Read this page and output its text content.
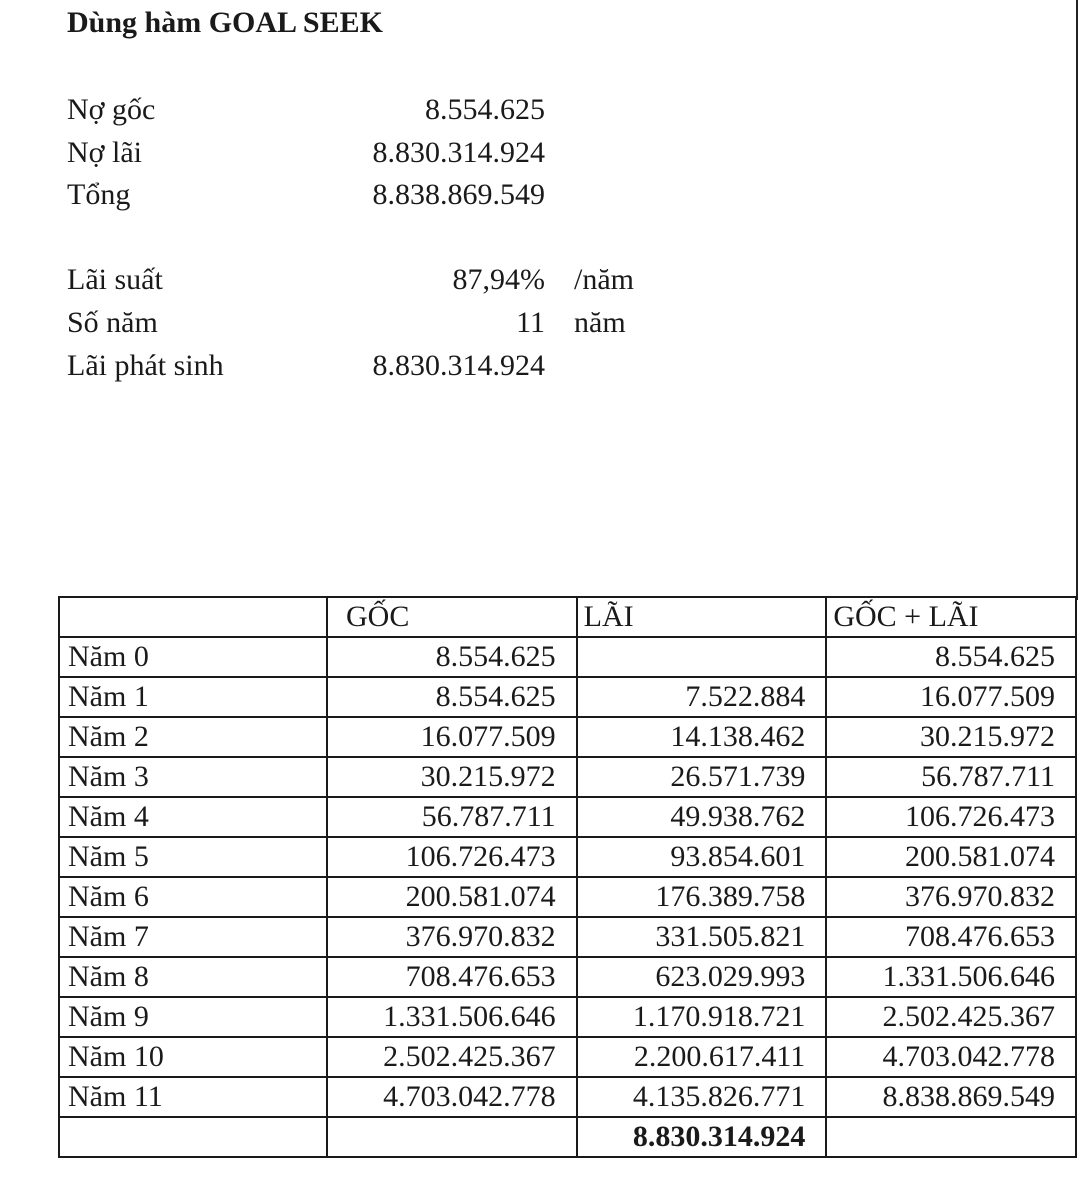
Dùng hàm GOAL SEEK
Nợ gốc	8.554.625
Nợ lãi	8.830.314.924
Tổng	8.838.869.549
Lãi suất	87,94% /năm
Số năm	11 năm
Lãi phát sinh	8.830.314.924
	GỐC	LÃI	GỐC + LÃI
Năm 0	8.554.625		8.554.625
Năm 1	8.554.625	7.522.884	16.077.509
Năm 2	16.077.509	14.138.462	30.215.972
Năm 3	30.215.972	26.571.739	56.787.711
Năm 4	56.787.711	49.938.762	106.726.473
Năm 5	106.726.473	93.854.601	200.581.074
Năm 6	200.581.074	176.389.758	376.970.832
Năm 7	376.970.832	331.505.821	708.476.653
Năm 8	708.476.653	623.029.993	1.331.506.646
Năm 9	1.331.506.646	1.170.918.721	2.502.425.367
Năm 10	2.502.425.367	2.200.617.411	4.703.042.778
Năm 11	4.703.042.778	4.135.826.771	8.838.869.549
		8.830.314.924	
